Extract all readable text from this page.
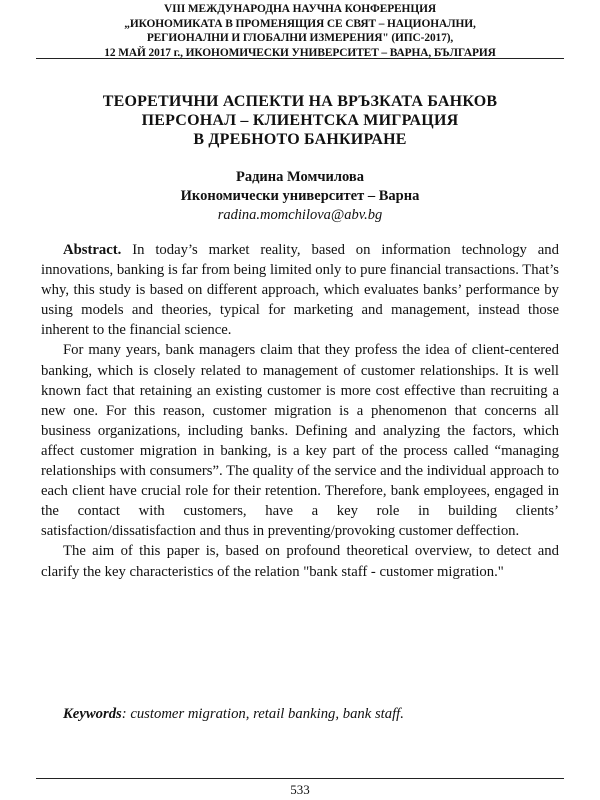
VIII МЕЖДУНАРОДНА НАУЧНА КОНФЕРЕНЦИЯ
„ИКОНОМИКАТА В ПРОМЕНЯЩИЯ СЕ СВЯТ – НАЦИОНАЛНИ,
РЕГИОНАЛНИ И ГЛОБАЛНИ ИЗМЕРЕНИЯ" (ИПС-2017),
12 МАЙ 2017 г., ИКОНОМИЧЕСКИ УНИВЕРСИТЕТ – ВАРНА, БЪЛГАРИЯ
ТЕОРЕТИЧНИ АСПЕКТИ НА ВРЪЗКАТА БАНКОВ
ПЕРСОНАЛ – КЛИЕНТСКА МИГРАЦИЯ
В ДРЕБНОТО БАНКИРАНЕ
Радина Момчилова
Икономически университет – Варна
radina.momchilova@abv.bg

Abstract. In today’s market reality, based on information technology and innovations, banking is far from being limited only to pure financial transactions. That’s why, this study is based on different approach, which evaluates banks’ performance by using models and theories, typical for marketing and management, instead those inherent to the financial science.

For many years, bank managers claim that they profess the idea of client-centered banking, which is closely related to management of customer relationships. It is well known fact that retaining an existing customer is more cost effective than recruiting a new one. For this reason, customer migration is a phenomenon that concerns all business organizations, including banks. Defining and analyzing the factors, which affect customer migration in banking, is a key part of the process called “managing relationships with consumers”. The quality of the service and the individual approach to each client have crucial role for their retention. Therefore, bank employees, engaged in the contact with customers, have a key role in building clients’ satisfaction/dissatisfaction and thus in preventing/provoking customer deffection.

The aim of this paper is, based on profound theoretical overview, to detect and clarify the key characteristics of the relation "bank staff - customer migration."

Keywords: customer migration, retail banking, bank staff.
533
